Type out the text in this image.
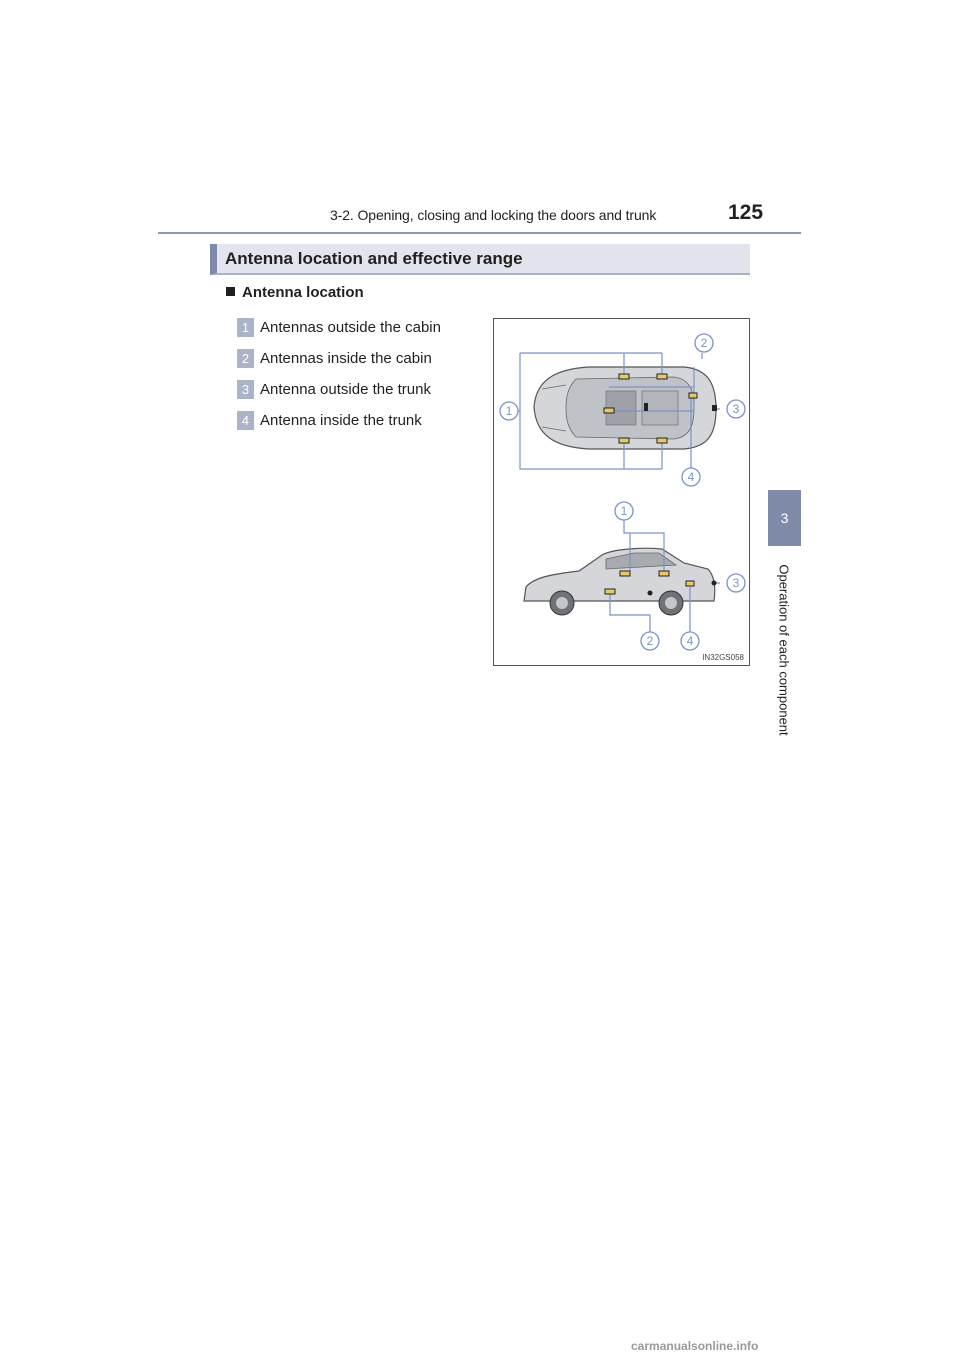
3-2. Opening, closing and locking the doors and trunk	125
3
Operation of each component
Antenna location and effective range
Antenna location
1 Antennas outside the cabin
2 Antennas inside the cabin
3 Antenna outside the trunk
4 Antenna inside the trunk
1
2
3
4
1
2
3
4
IN32GS058
carmanualsonline.info
